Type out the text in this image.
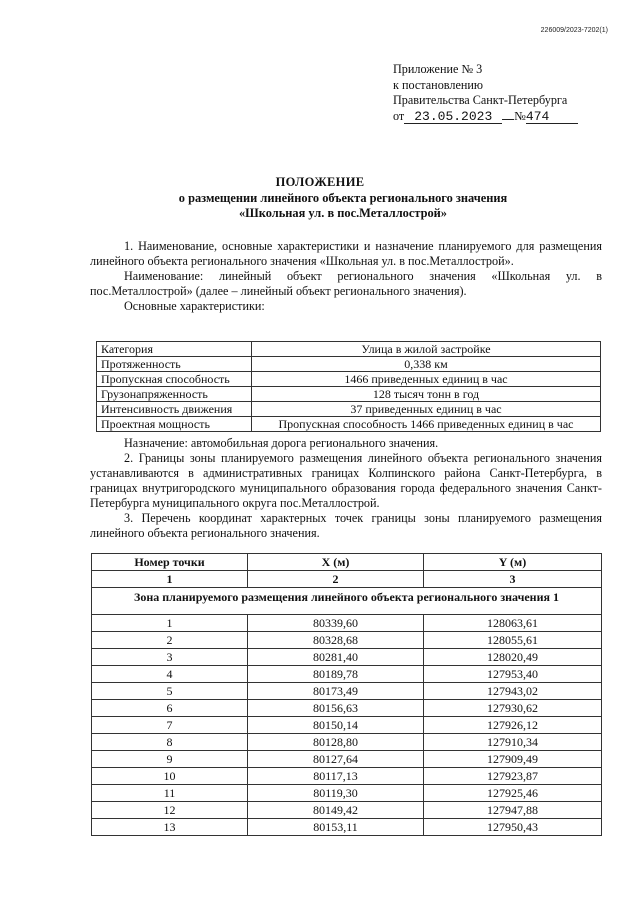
226009/2023-7202(1)
Приложение № 3
к постановлению
Правительства Санкт-Петербурга
от 23.05.2023 №474
ПОЛОЖЕНИЕ
о размещении линейного объекта регионального значения
«Школьная ул. в пос.Металлострой»

1. Наименование, основные характеристики и назначение планируемого для размещения линейного объекта регионального значения «Школьная ул. в пос.Металлострой».

Наименование: линейный объект регионального значения «Школьная ул. в пос.Металлострой» (далее – линейный объект регионального значения).

Основные характеристики:

Категория	Улица в жилой застройке
Протяженность	0,338 км
Пропускная способность	1466 приведенных единиц в час
Грузонапряженность	128 тысяч тонн в год
Интенсивность движения	37 приведенных единиц в час
Проектная мощность	Пропускная способность 1466 приведенных единиц в час

Назначение: автомобильная дорога регионального значения.

2. Границы зоны планируемого размещения линейного объекта регионального значения устанавливаются в административных границах Колпинского района Санкт-Петербурга, в границах внутригородского муниципального образования города федерального значения Санкт-Петербурга муниципального округа пос.Металлострой.

3. Перечень координат характерных точек границы зоны планируемого размещения линейного объекта регионального значения.

Номер точки	X (м)	Y (м)
1	2	3
Зона планируемого размещения линейного объекта регионального значения 1		
1	80339,60	128063,61
2	80328,68	128055,61
3	80281,40	128020,49
4	80189,78	127953,40
5	80173,49	127943,02
6	80156,63	127930,62
7	80150,14	127926,12
8	80128,80	127910,34
9	80127,64	127909,49
10	80117,13	127923,87
11	80119,30	127925,46
12	80149,42	127947,88
13	80153,11	127950,43
